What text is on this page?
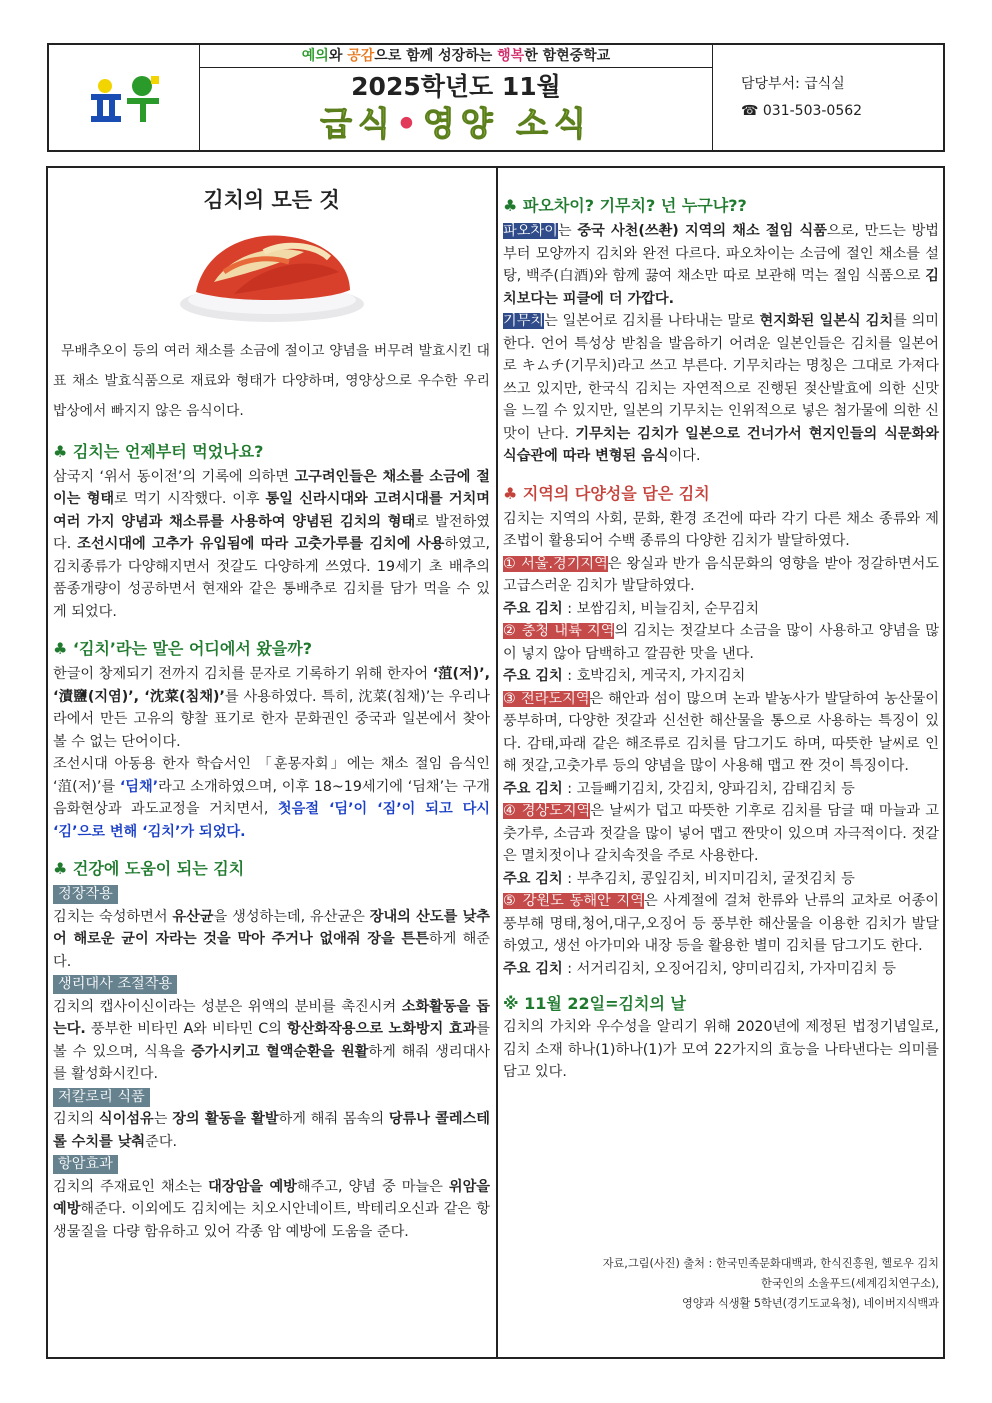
예의와 공감으로 함께 성장하는 행복한 함현중학교
2025학년도 11월
급식•영양 소식
담당부서: 급식실
☎ 031-503-0562
김치의 모든 것

무배추오이 등의 여러 채소를 소금에 절이고 양념을 버무려 발효시킨 대표 채소 발효식품으로 재료와 형태가 다양하며, 영양상으로 우수한 우리 밥상에서 빠지지 않은 음식이다.

♣ 김치는 언제부터 먹었나요?

삼국지 ‘위서 동이전’의 기록에 의하면 고구려인들은 채소를 소금에 절이는 형태로 먹기 시작했다. 이후 통일 신라시대와 고려시대를 거치며 여러 가지 양념과 채소류를 사용하여 양념된 김치의 형태로 발전하였다. 조선시대에 고추가 유입됨에 따라 고춧가루를 김치에 사용하였고, 김치종류가 다양해지면서 젓갈도 다양하게 쓰였다. 19세기 초 배추의 품종개량이 성공하면서 현재와 같은 통배추로 김치를 담가 먹을 수 있게 되었다.

♣ ‘김치’라는 말은 어디에서 왔을까?

한글이 창제되기 전까지 김치를 문자로 기록하기 위해 한자어 ‘菹(저)’, ‘漬鹽(지염)’, ‘沈菜(침채)’를 사용하였다. 특히, 沈菜(침채)’는 우리나라에서 만든 고유의 향찰 표기로 한자 문화권인 중국과 일본에서 찾아볼 수 없는 단어이다.

조선시대 아동용 한자 학습서인 「훈몽자회」에는 채소 절임 음식인 ‘菹(저)’를 ‘딤채’라고 소개하였으며, 이후 18~19세기에 ‘딤채’는 구개음화현상과 과도교정을 거치면서, 첫음절 ‘딤’이 ‘짐’이 되고 다시 ‘김’으로 변해 ‘김치’가 되었다.

♣ 건강에 도움이 되는 김치
정장작용

김치는 숙성하면서 유산균을 생성하는데, 유산균은 장내의 산도를 낮추어 해로운 균이 자라는 것을 막아 주거나 없애줘 장을 튼튼하게 해준다.

생리대사 조절작용

김치의 캡사이신이라는 성분은 위액의 분비를 촉진시켜 소화활동을 돕는다. 풍부한 비타민 A와 비타민 C의 항산화작용으로 노화방지 효과를 볼 수 있으며, 식욕을 증가시키고 혈액순환을 원활하게 해줘 생리대사를 활성화시킨다.

저칼로리 식품

김치의 식이섬유는 장의 활동을 활발하게 해줘 몸속의 당류나 콜레스테롤 수치를 낮춰준다.

항암효과

김치의 주재료인 채소는 대장암을 예방해주고, 양념 중 마늘은 위암을 예방해준다. 이외에도 김치에는 치오시안네이트, 박테리오신과 같은 항생물질을 다량 함유하고 있어 각종 암 예방에 도움을 준다.

♣ 파오차이? 기무치? 넌 누구냐??

파오차이는 중국 사천(쓰촨) 지역의 채소 절임 식품으로, 만드는 방법부터 모양까지 김치와 완전 다르다. 파오차이는 소금에 절인 채소를 설탕, 백주(白酒)와 함께 끓여 채소만 따로 보관해 먹는 절임 식품으로 김치보다는 피클에 더 가깝다.

기무치는 일본어로 김치를 나타내는 말로 현지화된 일본식 김치를 의미한다. 언어 특성상 받침을 발음하기 어려운 일본인들은 김치를 일본어로 キムチ(기무치)라고 쓰고 부른다. 기무치라는 명칭은 그대로 가져다 쓰고 있지만, 한국식 김치는 자연적으로 진행된 젖산발효에 의한 신맛을 느낄 수 있지만, 일본의 기무치는 인위적으로 넣은 첨가물에 의한 신맛이 난다. 기무치는 김치가 일본으로 건너가서 현지인들의 식문화와 식습관에 따라 변형된 음식이다.

♣ 지역의 다양성을 담은 김치

김치는 지역의 사회, 문화, 환경 조건에 따라 각기 다른 채소 종류와 제조법이 활용되어 수백 종류의 다양한 김치가 발달하였다.

① 서울.경기지역은 왕실과 반가 음식문화의 영향을 받아 정갈하면서도 고급스러운 김치가 발달하였다.

주요 김치 : 보쌈김치, 비늘김치, 순무김치

② 충청 내륙 지역의 김치는 젓갈보다 소금을 많이 사용하고 양념을 많이 넣지 않아 담백하고 깔끔한 맛을 낸다.

주요 김치 : 호박김치, 게국지, 가지김치

③ 전라도지역은 해안과 섬이 많으며 논과 밭농사가 발달하여 농산물이 풍부하며, 다양한 젓갈과 신선한 해산물을 통으로 사용하는 특징이 있다. 감태,파래 같은 해조류로 김치를 담그기도 하며, 따뜻한 날씨로 인해 젓갈,고춧가루 등의 양념을 많이 사용해 맵고 짠 것이 특징이다.

주요 김치 : 고들빼기김치, 갓김치, 양파김치, 감태김치 등

④ 경상도지역은 날씨가 덥고 따뜻한 기후로 김치를 담글 때 마늘과 고춧가루, 소금과 젓갈을 많이 넣어 맵고 짠맛이 있으며 자극적이다. 젓갈은 멸치젓이나 갈치속젓을 주로 사용한다.

주요 김치 : 부추김치, 콩잎김치, 비지미김치, 굴젓김치 등

⑤ 강원도 동해안 지역은 사계절에 걸쳐 한류와 난류의 교차로 어종이 풍부해 명태,청어,대구,오징어 등 풍부한 해산물을 이용한 김치가 발달하였고, 생선 아가미와 내장 등을 활용한 별미 김치를 담그기도 한다.

주요 김치 : 서거리김치, 오징어김치, 양미리김치, 가자미김치 등

※ 11월 22일=김치의 날

김치의 가치와 우수성을 알리기 위해 2020년에 제정된 법정기념일로, 김치 소재 하나(1)하나(1)가 모여 22가지의 효능을 나타낸다는 의미를 담고 있다.

자료,그림(사진) 출처 : 한국민족문화대백과, 한식진흥원, 헬로우 김치
한국인의 소울푸드(세계김치연구소),
영양과 식생활 5학년(경기도교육청), 네이버지식백과
